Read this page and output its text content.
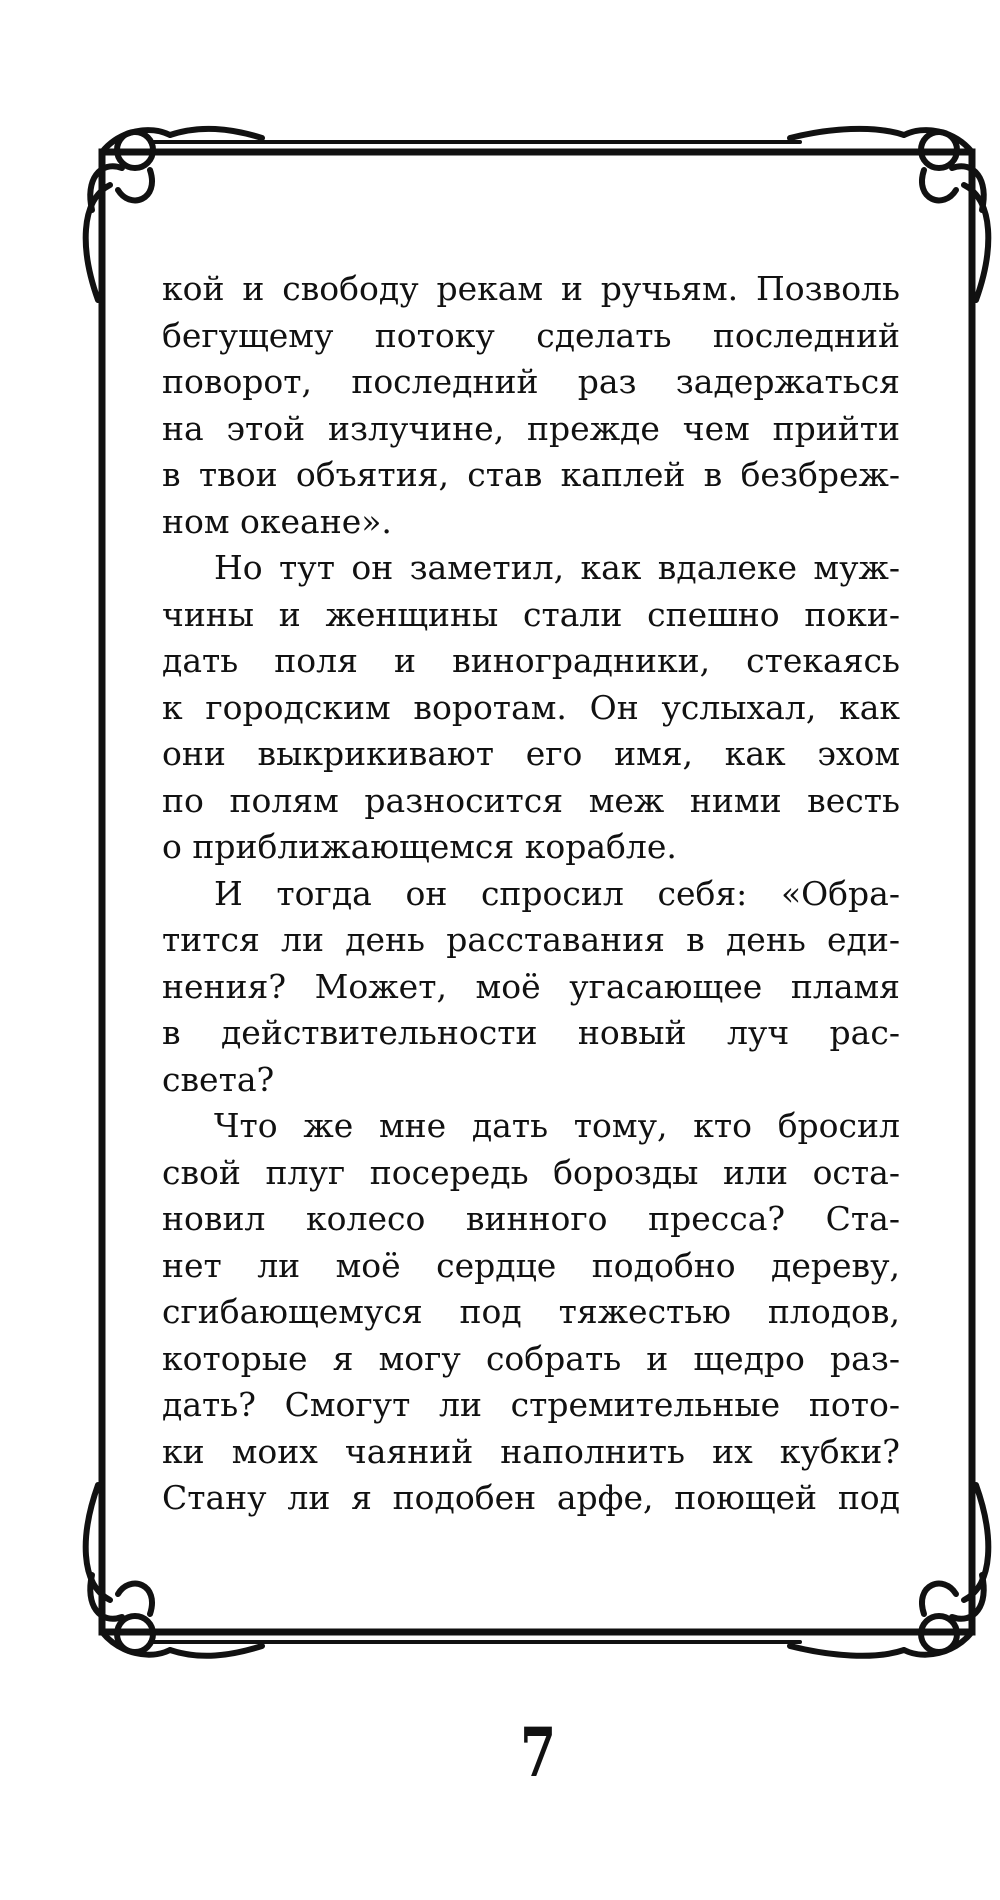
кой и свободу рекам и ручьям. Позволь
бегущему потоку сделать последний
поворот, последний раз задержаться
на этой излучине, прежде чем прийти
в твои объятия, став каплей в безбреж-
ном океане».
Но тут он заметил, как вдалеке муж-
чины и женщины стали спешно поки-
дать поля и виноградники, стекаясь
к городским воротам. Он услыхал, как
они выкрикивают его имя, как эхом
по полям разносится меж ними весть
о приближающемся корабле.
И тогда он спросил себя: «Обра-
тится ли день расставания в день еди-
нения? Может, моё угасающее пламя
в действительности новый луч рас-
света?
Что же мне дать тому, кто бросил
свой плуг посередь борозды или оста-
новил колесо винного пресса? Ста-
нет ли моё сердце подобно дереву,
сгибающемуся под тяжестью плодов,
которые я могу собрать и щедро раз-
дать? Смогут ли стремительные пото-
ки моих чаяний наполнить их кубки?
Стану ли я подобен арфе, поющей под
7
